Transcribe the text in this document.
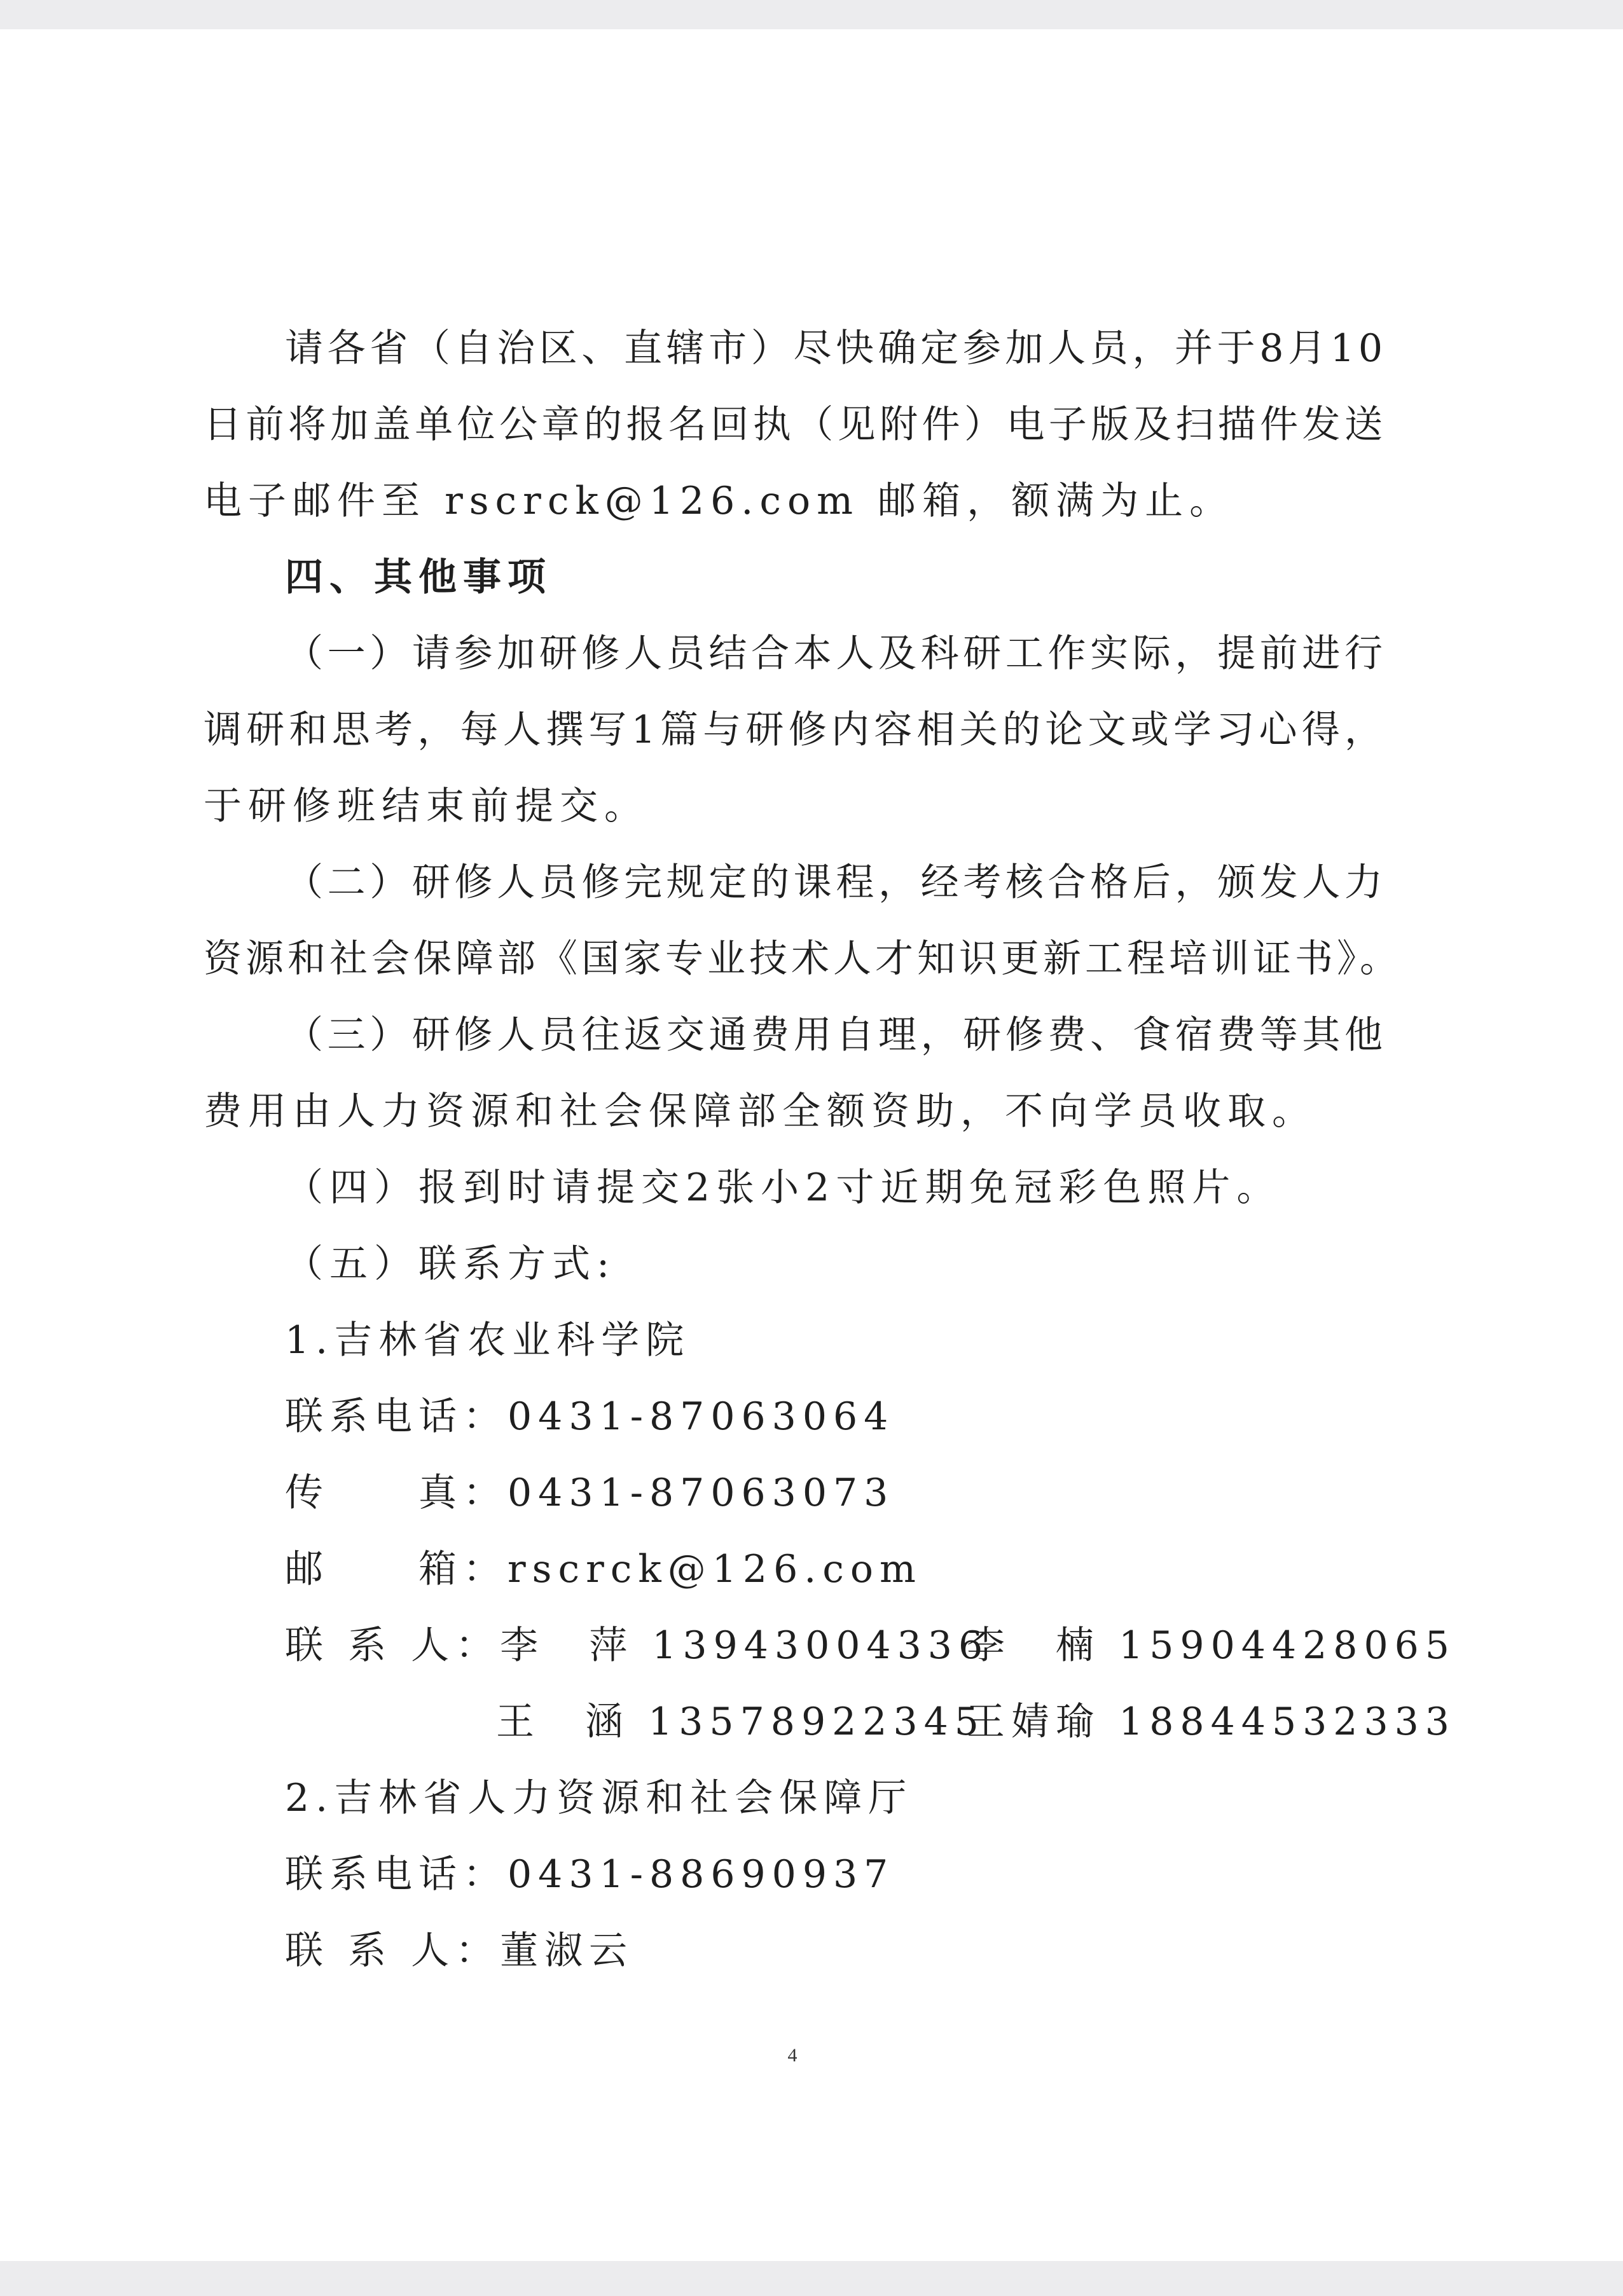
请各省（自治区、直辖市）尽快确定参加人员，并于8月10

日前将加盖单位公章的报名回执（见附件）电子版及扫描件发送

电子邮件至 rscrck@126.com 邮箱，额满为止。

四、其他事项

（一）请参加研修人员结合本人及科研工作实际，提前进行

调研和思考，每人撰写1篇与研修内容相关的论文或学习心得，

于研修班结束前提交。

（二）研修人员修完规定的课程，经考核合格后，颁发人力

资源和社会保障部《国家专业技术人才知识更新工程培训证书》。

（三）研修人员往返交通费用自理，研修费、食宿费等其他

费用由人力资源和社会保障部全额资助，不向学员收取。

（四）报到时请提交2张小2寸近期免冠彩色照片。

（五）联系方式:

1.吉林省农业科学院

联系电话：0431-87063064

传　　真：0431-87063073

邮　　箱：rscrck@126.com

联 系 人：李　萍 13943004336

李　楠 15904428065

王　涵 13578922345

王婧瑜 18844532333

2.吉林省人力资源和社会保障厅

联系电话：0431-88690937

联 系 人：董淑云

4
